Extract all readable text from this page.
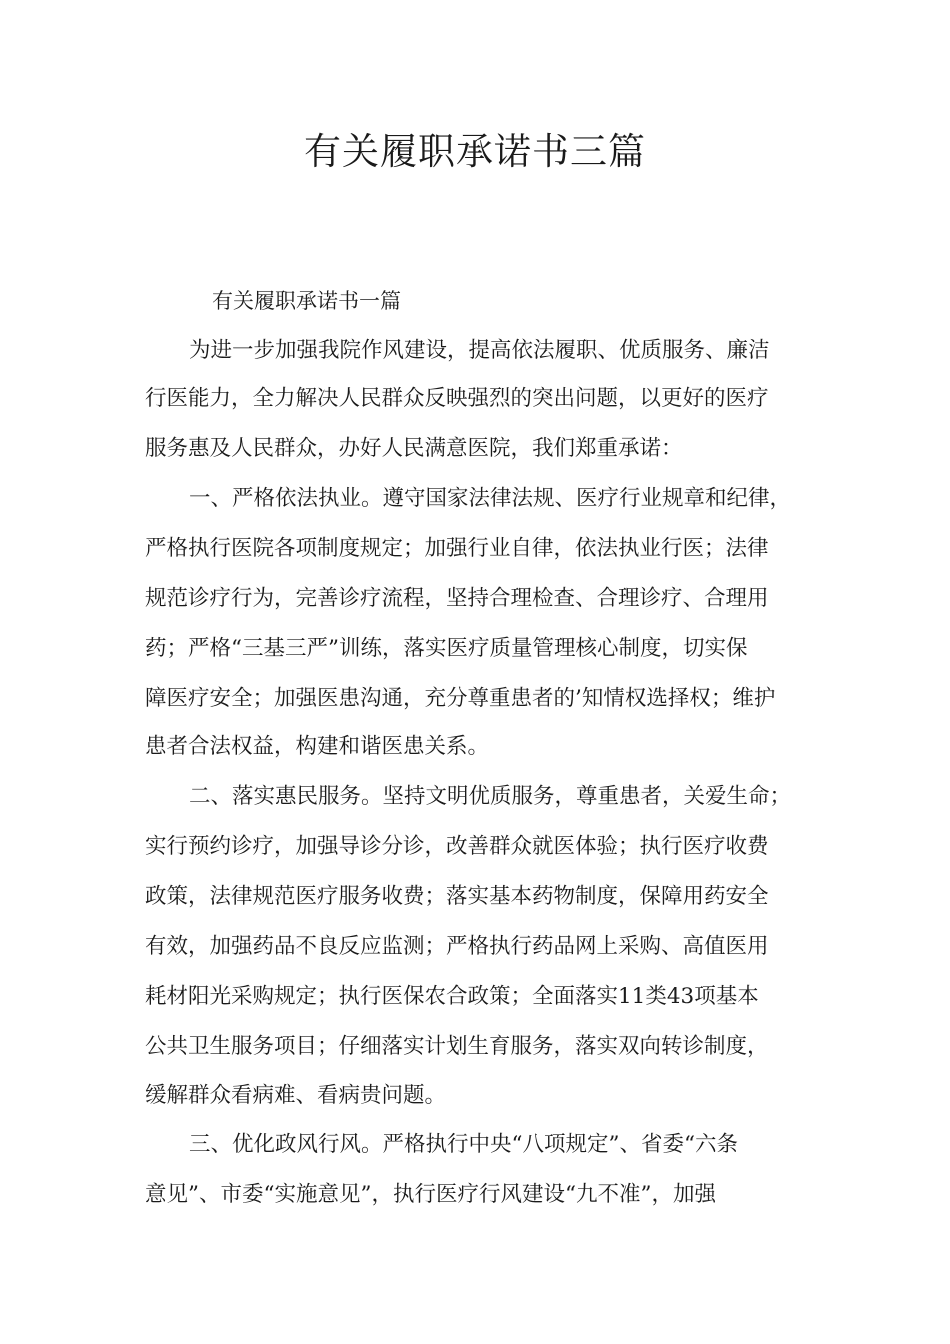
有关履职承诺书三篇

有关履职承诺书一篇

为进一步加强我院作风建设，提高依法履职、优质服务、廉洁

行医能力，全力解决人民群众反映强烈的突出问题，以更好的医疗

服务惠及人民群众，办好人民满意医院，我们郑重承诺：

一、严格依法执业。遵守国家法律法规、医疗行业规章和纪律，

严格执行医院各项制度规定；加强行业自律，依法执业行医；法律

规范诊疗行为，完善诊疗流程，坚持合理检查、合理诊疗、合理用

药；严格“三基三严”训练，落实医疗质量管理核心制度，切实保

障医疗安全；加强医患沟通，充分尊重患者的’知情权选择权；维护

患者合法权益，构建和谐医患关系。

二、落实惠民服务。坚持文明优质服务，尊重患者，关爱生命；

实行预约诊疗，加强导诊分诊，改善群众就医体验；执行医疗收费

政策，法律规范医疗服务收费；落实基本药物制度，保障用药安全

有效，加强药品不良反应监测；严格执行药品网上采购、高值医用

耗材阳光采购规定；执行医保农合政策；全面落实11类43项基本

公共卫生服务项目；仔细落实计划生育服务，落实双向转诊制度，

缓解群众看病难、看病贵问题。

三、优化政风行风。严格执行中央“八项规定”、省委“六条

意见”、市委“实施意见”，执行医疗行风建设“九不准”，加强
